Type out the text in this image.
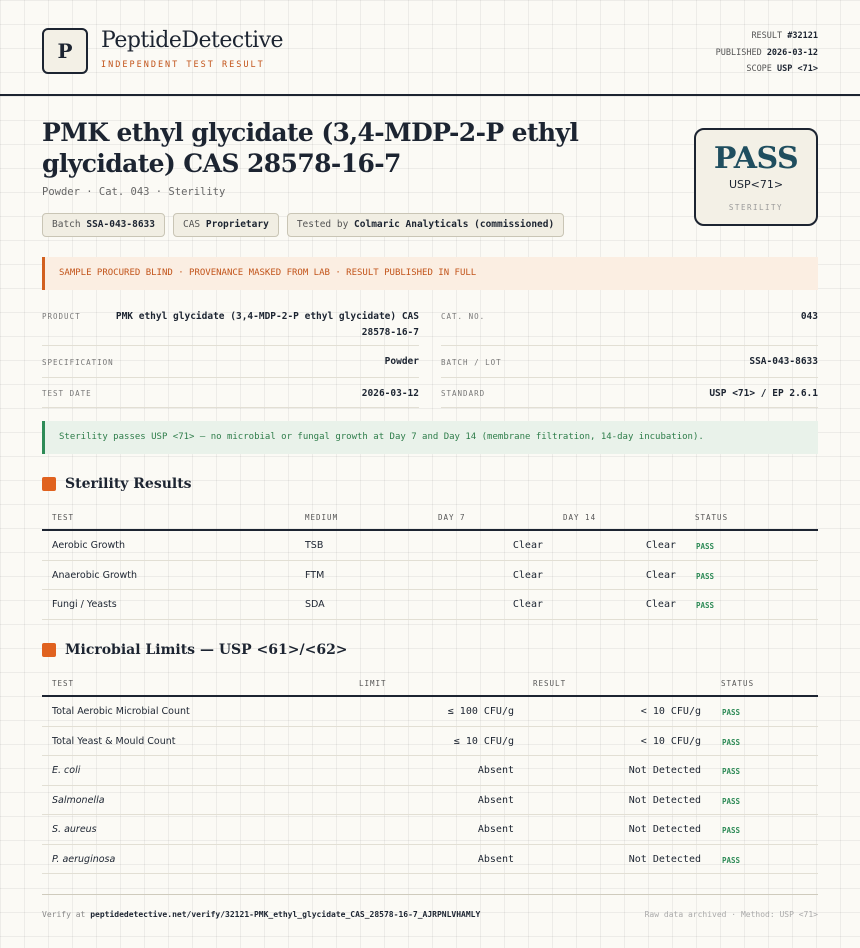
P	PeptideDetective
INDEPENDENT TEST RESULT
RESULT #32121
PUBLISHED 2026-03-12
SCOPE USP <71>
PMK ethyl glycidate (3,4-MDP-2-P ethyl glycidate) CAS 28578-16-7
Powder · Cat. 043 · Sterility
Batch SSA-043-8633	CAS Proprietary	Tested by Colmaric Analyticals (commissioned)
PASS
USP<71>
STERILITY
SAMPLE PROCURED BLIND · PROVENANCE MASKED FROM LAB · RESULT PUBLISHED IN FULL
PRODUCT	PMK ethyl glycidate (3,4-MDP-2-P ethyl glycidate) CAS 28578-16-7
CAT. NO.	043
SPECIFICATION	Powder	BATCH / LOT	SSA-043-8633
TEST DATE	2026-03-12	STANDARD	USP <71> / EP 2.6.1
Sterility passes USP <71> — no microbial or fungal growth at Day 7 and Day 14 (membrane filtration, 14-day incubation).
Sterility Results
TEST	MEDIUM	DAY 7	DAY 14	STATUS
Aerobic Growth	TSB	Clear	Clear	PASS
Anaerobic Growth	FTM	Clear	Clear	PASS
Fungi / Yeasts	SDA	Clear	Clear	PASS
Microbial Limits — USP <61>/<62>
TEST	LIMIT	RESULT	STATUS
Total Aerobic Microbial Count	≤ 100 CFU/g	< 10 CFU/g	PASS
Total Yeast & Mould Count	≤ 10 CFU/g	< 10 CFU/g	PASS
E. coli	Absent	Not Detected	PASS
Salmonella	Absent	Not Detected	PASS
S. aureus	Absent	Not Detected	PASS
P. aeruginosa	Absent	Not Detected	PASS
Verify at peptidedetective.net/verify/32121-PMK_ethyl_glycidate_CAS_28578-16-7_AJRPNLVHAMLY	Raw data archived · Method: USP <71>
